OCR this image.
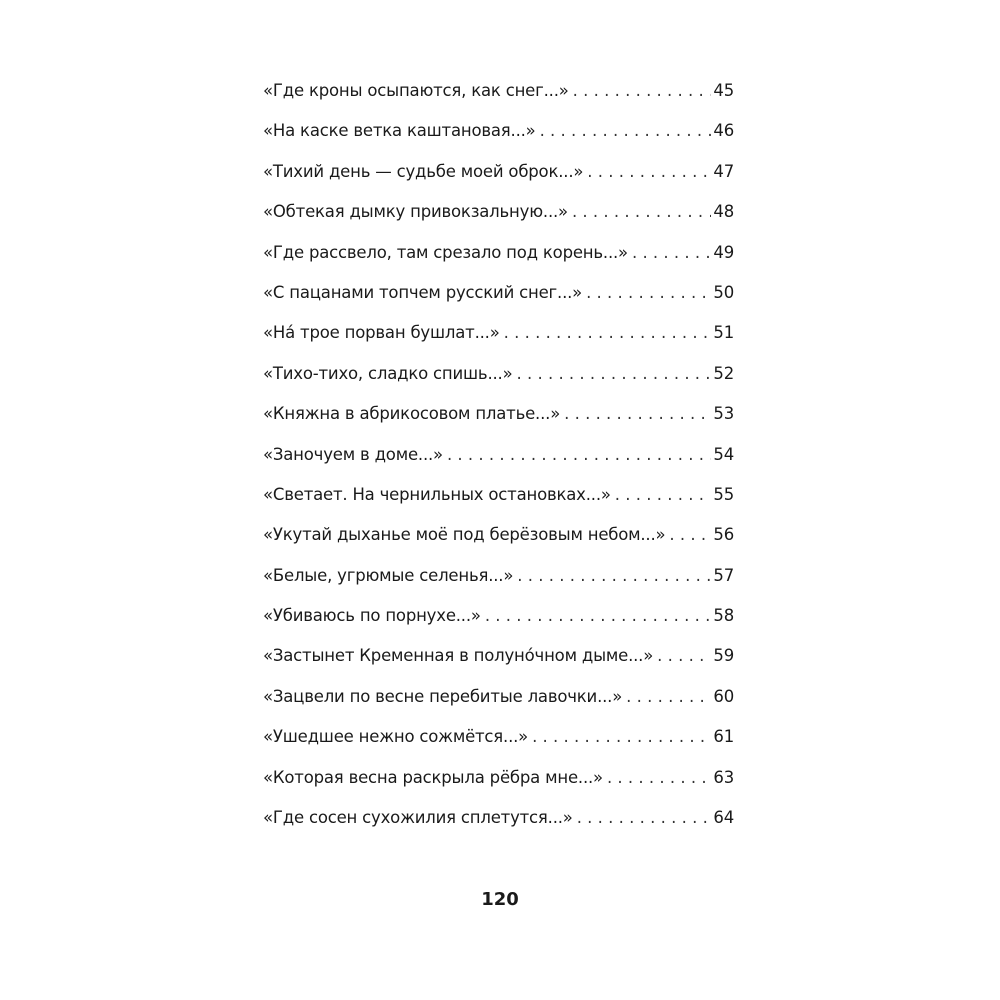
«Где кроны осыпаются, как снег...» . . .	45
«На каске ветка каштановая...» . . .	46
«Тихий день — судьбе моей оброк...» . . .	47
«Обтекая дымку привокзальную...» . . .	48
«Где рассвело, там срезало под корень...» . . .	49
«С пацанами топчем русский снег...» . . .	50
«На́ трое порван бушлат...» . . .	51
«Тихо-тихо, сладко спишь...» . . .	52
«Княжна в абрикосовом платье...» . . .	53
«Заночуем в доме...» . . .	54
«Светает. На чернильных остановках...» . . .	55
«Укутай дыханье моё под берёзовым небом...» . . .	56
«Белые, угрюмые селенья...» . . .	57
«Убиваюсь по порнухе...» . . .	58
«Застынет Кременная в полуно́чном дыме...» . . .	59
«Зацвели по весне перебитые лавочки...» . . .	60
«Ушедшее нежно сожмётся...» . . .	61
«Которая весна раскрыла рёбра мне...» . . .	63
«Где сосен сухожилия сплетутся...» . . .	64
120
